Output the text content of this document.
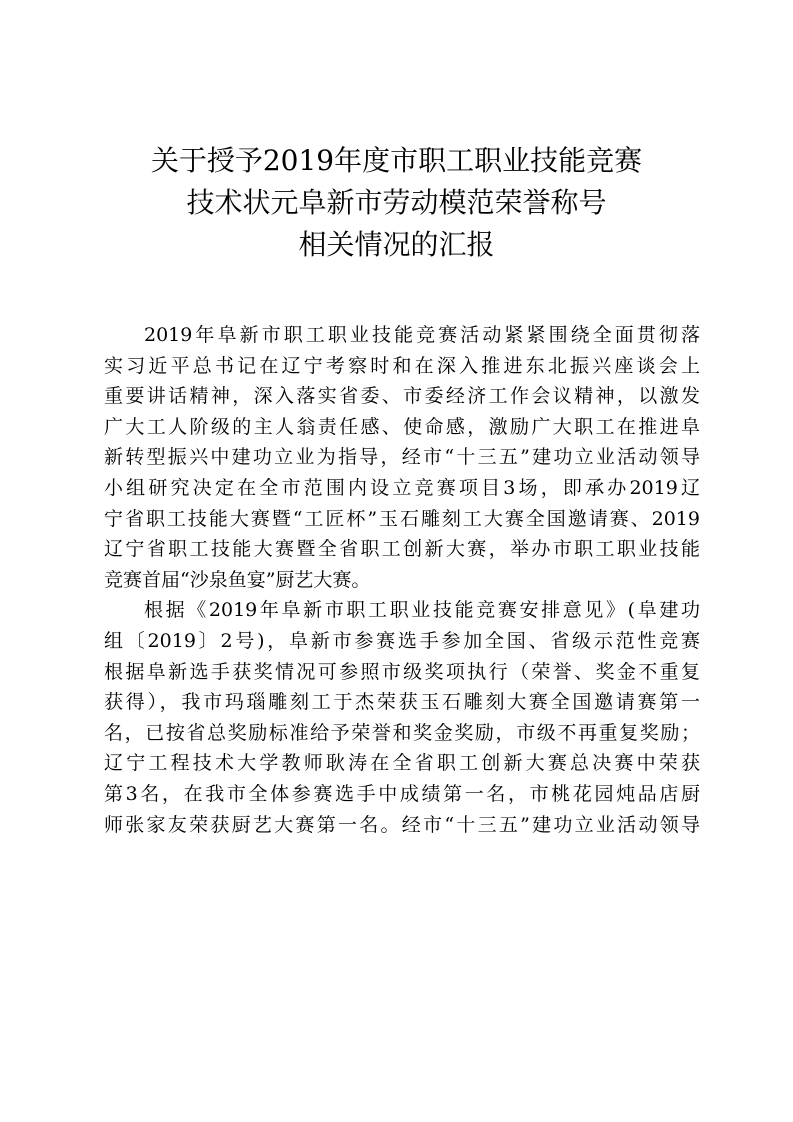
关于授予2019年度市职工职业技能竞赛
技术状元阜新市劳动模范荣誉称号
相关情况的汇报
2019年阜新市职工职业技能竞赛活动紧紧围绕全面贯彻落
实习近平总书记在辽宁考察时和在深入推进东北振兴座谈会上
重要讲话精神，深入落实省委、市委经济工作会议精神，以激发
广大工人阶级的主人翁责任感、使命感，激励广大职工在推进阜
新转型振兴中建功立业为指导，经市“十三五”建功立业活动领导
小组研究决定在全市范围内设立竞赛项目3场，即承办2019辽
宁省职工技能大赛暨“工匠杯”玉石雕刻工大赛全国邀请赛、2019
辽宁省职工技能大赛暨全省职工创新大赛，举办市职工职业技能
竞赛首届“沙泉鱼宴”厨艺大赛。
根据《2019年阜新市职工职业技能竞赛安排意见》(阜建功
组〔2019〕2号)，阜新市参赛选手参加全国、省级示范性竞赛
根据阜新选手获奖情况可参照市级奖项执行（荣誉、奖金不重复
获得），我市玛瑙雕刻工于杰荣获玉石雕刻大赛全国邀请赛第一
名，已按省总奖励标准给予荣誉和奖金奖励，市级不再重复奖励；
辽宁工程技术大学教师耿涛在全省职工创新大赛总决赛中荣获
第3名，在我市全体参赛选手中成绩第一名，市桃花园炖品店厨
师张家友荣获厨艺大赛第一名。经市“十三五”建功立业活动领导
